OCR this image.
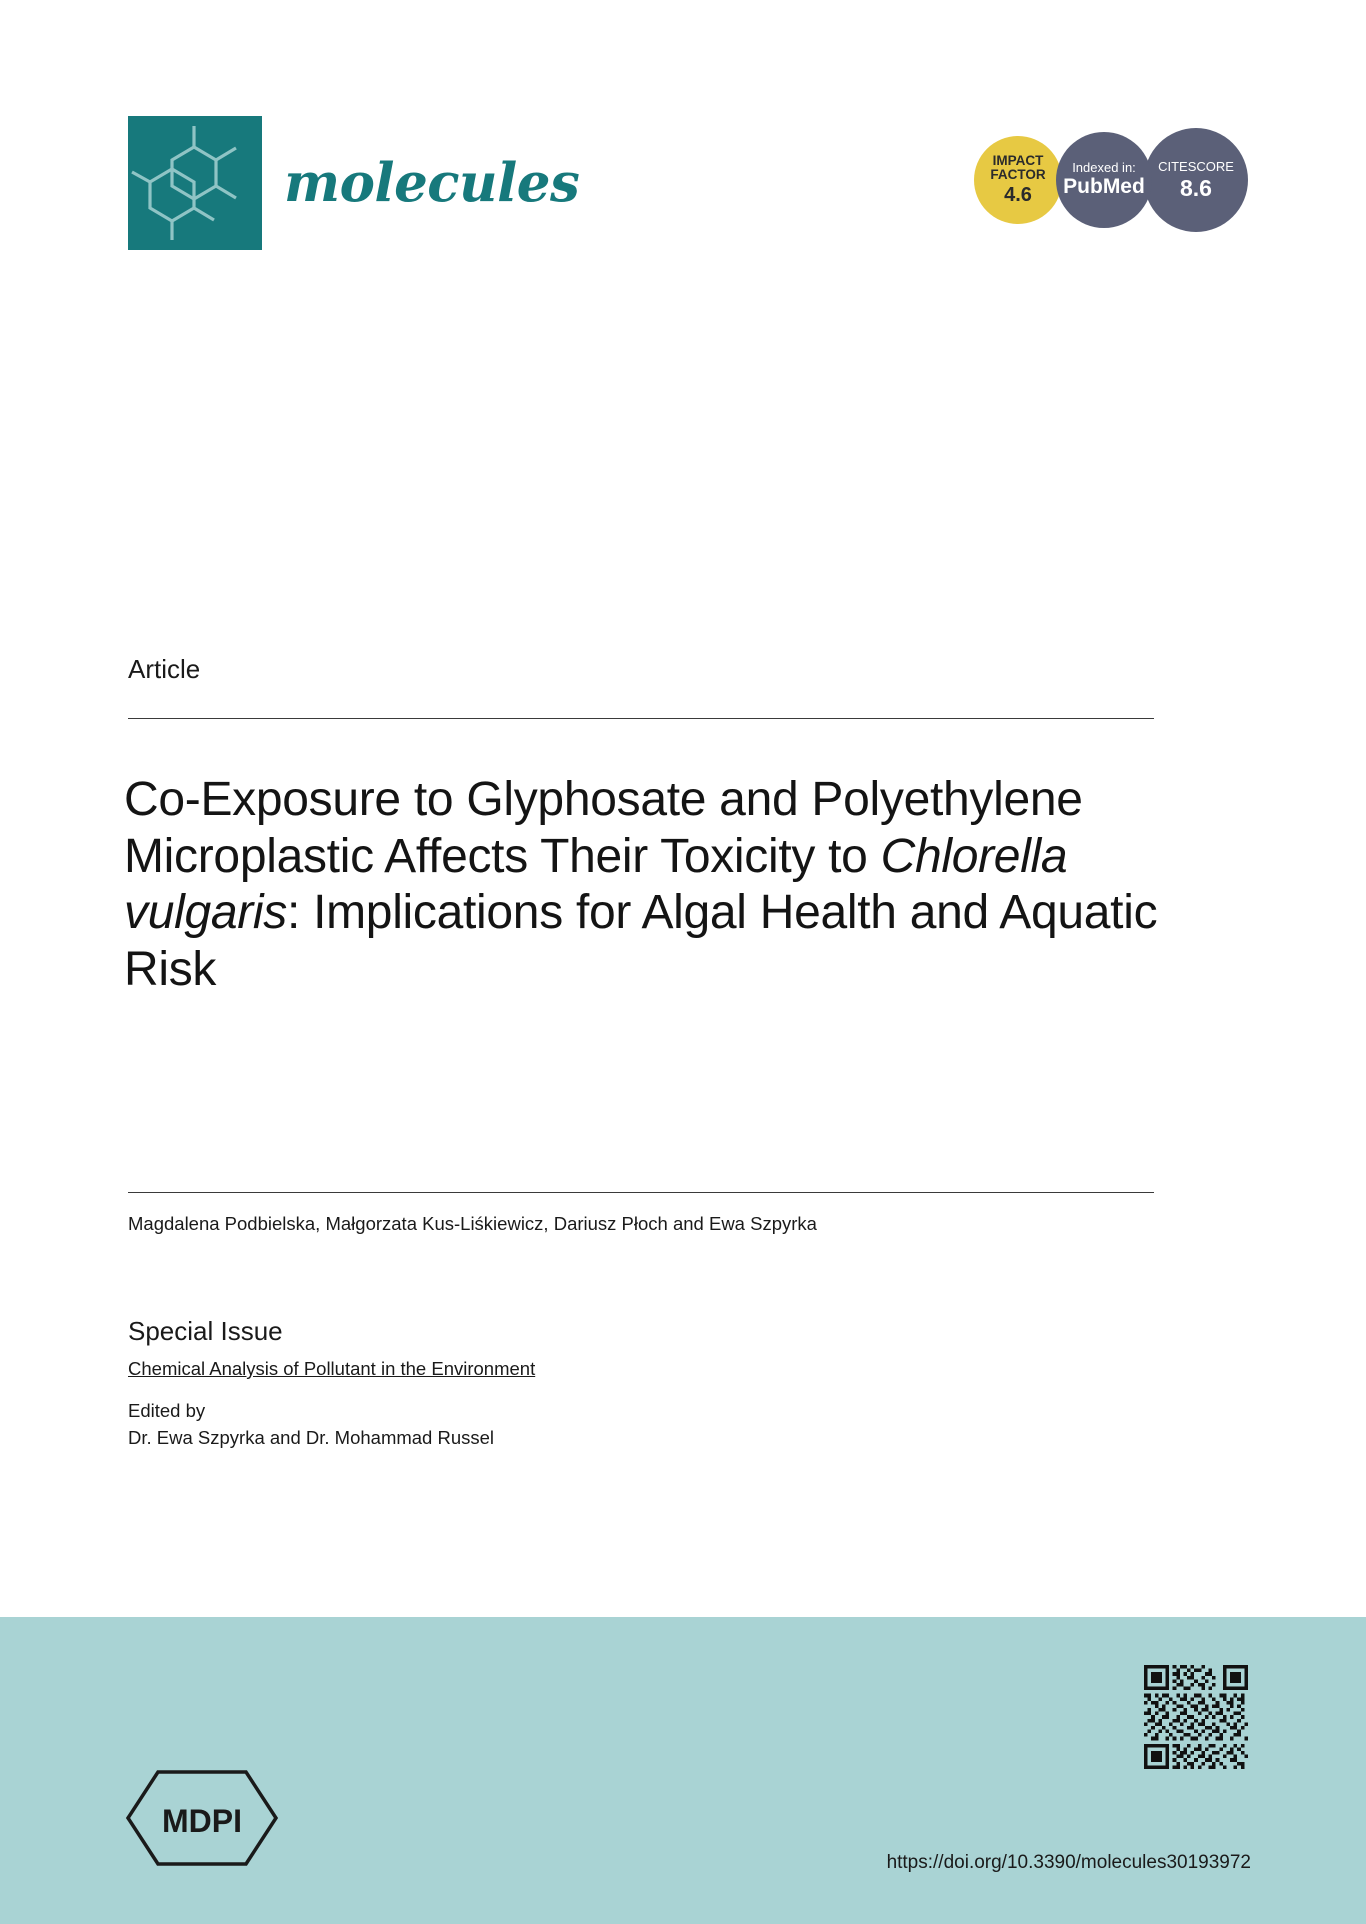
molecules	IMPACT
FACTOR
4.6
Indexed in:
PubMed
CITESCORE
8.6
Article
Co-Exposure to Glyphosate and Polyethylene Microplastic Affects Their Toxicity to Chlorella vulgaris: Implications for Algal Health and Aquatic Risk
Magdalena Podbielska, Małgorzata Kus-Liśkiewicz, Dariusz Płoch and Ewa Szpyrka
Special Issue
Chemical Analysis of Pollutant in the Environment
Edited by
Dr. Ewa Szpyrka and Dr. Mohammad Russel
MDPI
https://doi.org/10.3390/molecules30193972
